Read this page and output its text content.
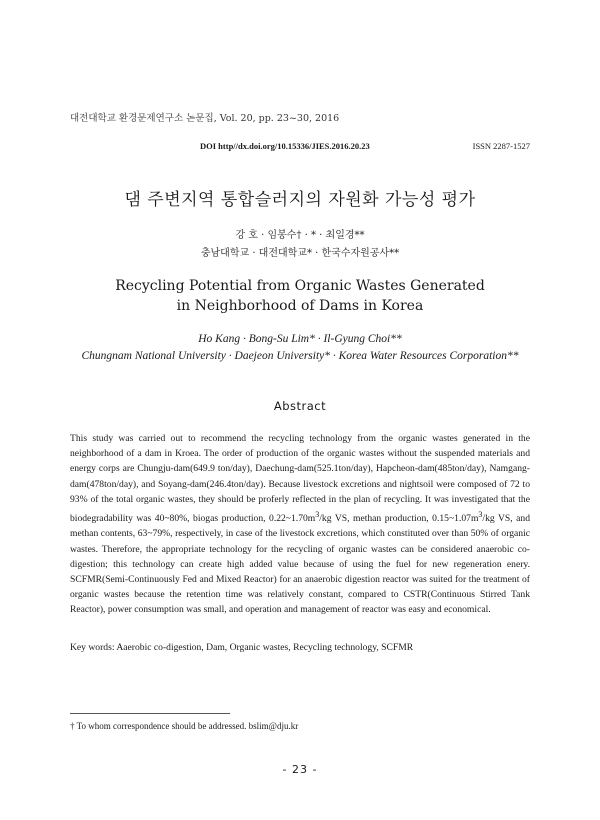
대전대학교 환경문제연구소 논문집, Vol. 20, pp. 23~30, 2016
DOI http//dx.doi.org/10.15336/JIES.2016.20.23	ISSN 2287-1527
댐 주변지역 통합슬러지의 자원화 가능성 평가
강 호 · 임봉수† · * · 최일경**
충남대학교 · 대전대학교* · 한국수자원공사**
Recycling Potential from Organic Wastes Generated
in Neighborhood of Dams in Korea
Ho Kang · Bong-Su Lim* · Il-Gyung Choi**
Chungnam National University · Daejeon University* · Korea Water Resources Corporation**
Abstract

This study was carried out to recommend the recycling technology from the organic wastes generated in the neighborhood of a dam in Kroea. The order of production of the organic wastes without the suspended materials and energy corps are Chungju-dam(649.9 ton/day), Daechung-dam(525.1ton/day), Hapcheon-dam(485ton/day), Namgang-dam(478ton/day), and Soyang-dam(246.4ton/day). Because livestock excretions and nightsoil were composed of 72 to 93% of the total organic wastes, they should be proferly reflected in the plan of recycling. It was investigated that the biodegradability was 40~80%, biogas production, $0.22\sim 1.70m^3/kg$ VS, methan production, $0.15\sim 1.07m^3/kg$ VS, and methan contents, 63~79%, respectively, in case of the livestock excretions, which constituted over than 50% of organic wastes. Therefore, the appropriate technology for the recycling of organic wastes can be considered anaerobic co-digestion; this technology can create high added value because of using the fuel for new regeneration enery. SCFMR(Semi-Continuously Fed and Mixed Reactor) for an anaerobic digestion reactor was suited for the treatment of organic wastes because the retention time was relatively constant, compared to CSTR(Continuous Stirred Tank Reactor), power consumption was small, and operation and management of reactor was easy and economical.

Key words: Aaerobic co-digestion, Dam, Organic wastes, Recycling technology, SCFMR
† To whom correspondence should be addressed. bslim@dju.kr
- 23 -
